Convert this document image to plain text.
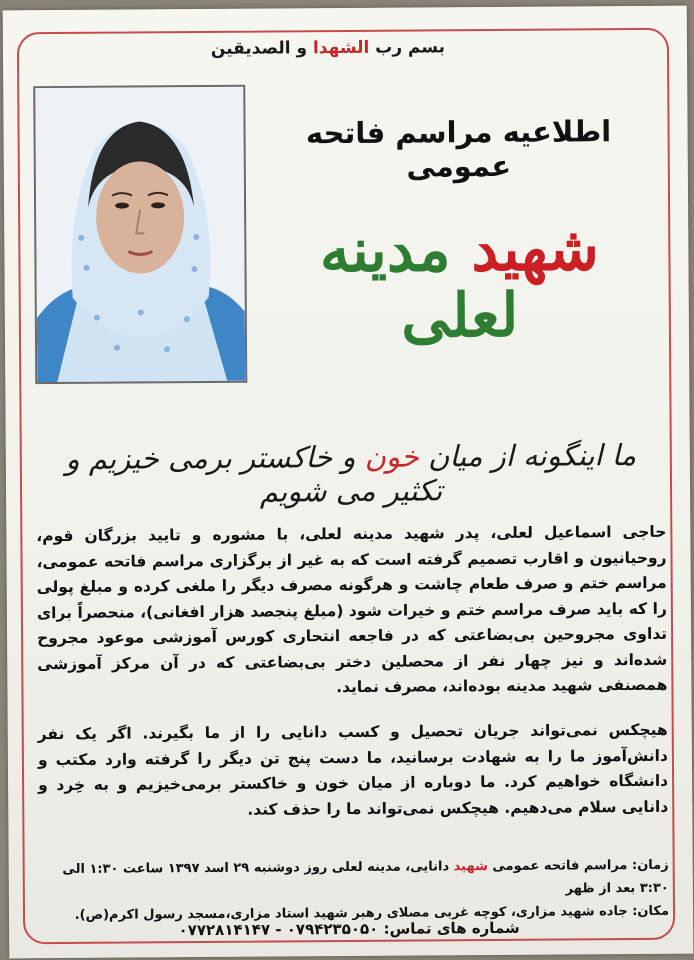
بسم رب الشهدا و الصدیقین
اطلاعیه مراسم فاتحه عمومی
شهید مدینه لعلی
ما اینگونه از میان خون و خاکستر برمی خیزیم و تکثیر می شویم
حاجی اسماعیل لعلی، پدر شهید مدینه لعلی، با مشوره و تایید بزرگان قوم، روحیانیون و اقارب تصمیم گرفته است که به غیر از برگزاری مراسم فاتحه عمومی، مراسم ختم و صرف طعام چاشت و هرگونه مصرف دیگر را ملغی کرده و مبلغ پولی را که باید صرف مراسم ختم و خیرات شود (مبلغ پنجصد هزار افغانی)، منحصراً برای تداوی مجروحین بی‌بضاعتی که در فاجعه انتحاری کورس آموزشی موعود مجروح شده‌اند و نیز چهار نفر از محصلین دختر بی‌بضاعتی که در آن مرکز آموزشی همصنفی شهید مدینه بوده‌اند، مصرف نماید.
هیچکس نمی‌تواند جریان تحصیل و کسب دانایی را از ما بگیرند. اگر یک نفر دانش‌آموز ما را به شهادت برسانید، ما دست پنج تن دیگر را گرفته وارد مکتب و دانشگاه خواهیم کرد. ما دوباره از میان خون و خاکستر برمی‌خیزیم و به خِرد و دانایی سلام می‌دهیم. هیچکس نمی‌تواند ما را حذف کند.
زمان: مراسم فاتحه عمومی شهید دانایی، مدینه لعلی روز دوشنبه ۲۹ اسد ۱۳۹۷ ساعت ۱:۳۰ الی ۳:۳۰ بعد از ظهر
مکان: جاده شهید مزاری، کوچه غربی مصلای رهبر شهید استاد مزاری،مسجد رسول اکرم(ص).
شماره های تماس: ۰۷۹۴۲۳۵۰۵۰ - ۰۷۷۲۸۱۴۱۴۷
